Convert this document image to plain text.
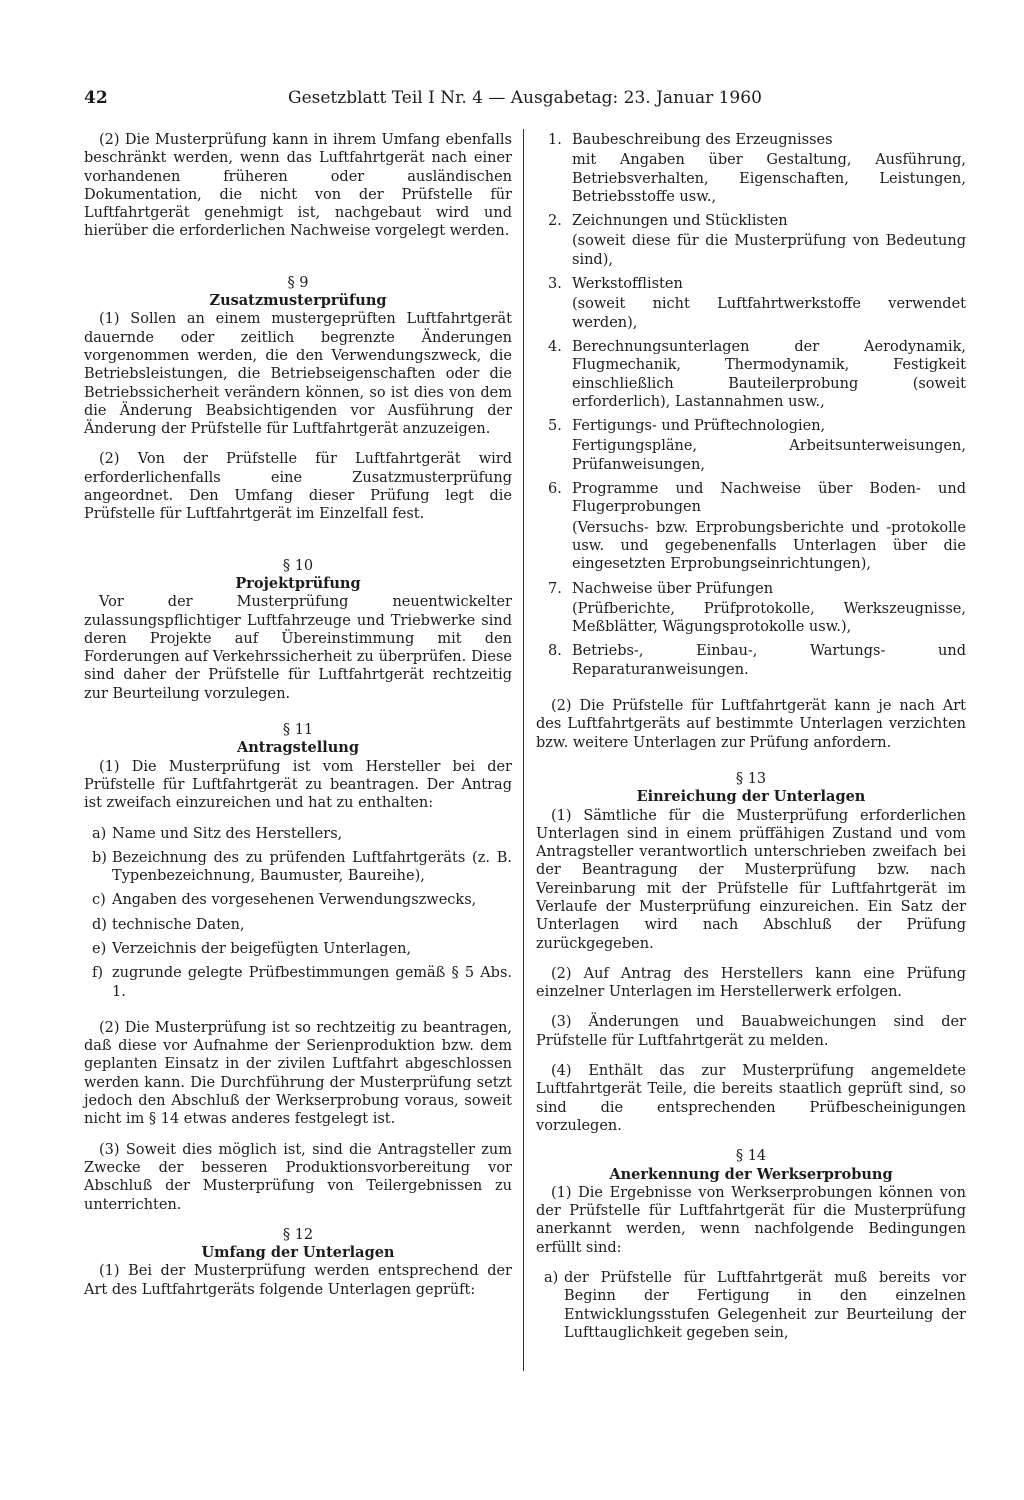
42	Gesetzblatt Teil I Nr. 4 — Ausgabetag: 23. Januar 1960

(2) Die Musterprüfung kann in ihrem Umfang ebenfalls beschränkt werden, wenn das Luftfahrtgerät nach einer vorhandenen früheren oder ausländischen Dokumentation, die nicht von der Prüfstelle für Luftfahrtgerät genehmigt ist, nachgebaut wird und hierüber die erforderlichen Nachweise vorgelegt werden.

§ 9

Zusatzmusterprüfung

(1) Sollen an einem mustergeprüften Luftfahrtgerät dauernde oder zeitlich begrenzte Änderungen vorgenommen werden, die den Verwendungszweck, die Betriebsleistungen, die Betriebseigenschaften oder die Betriebssicherheit verändern können, so ist dies von dem die Änderung Beabsichtigenden vor Ausführung der Änderung der Prüfstelle für Luftfahrtgerät anzuzeigen.

(2) Von der Prüfstelle für Luftfahrtgerät wird erforderlichenfalls eine Zusatzmusterprüfung angeordnet. Den Umfang dieser Prüfung legt die Prüfstelle für Luftfahrtgerät im Einzelfall fest.

§ 10

Projektprüfung

Vor der Musterprüfung neuentwickelter zulassungspflichtiger Luftfahrzeuge und Triebwerke sind deren Projekte auf Übereinstimmung mit den Forderungen auf Verkehrssicherheit zu überprüfen. Diese sind daher der Prüfstelle für Luftfahrtgerät rechtzeitig zur Beurteilung vorzulegen.

§ 11

Antragstellung

(1) Die Musterprüfung ist vom Hersteller bei der Prüfstelle für Luftfahrtgerät zu beantragen. Der Antrag ist zweifach einzureichen und hat zu enthalten:

a) Name und Sitz des Herstellers,
b) Bezeichnung des zu prüfenden Luftfahrtgeräts (z. B. Typenbezeichnung, Baumuster, Baureihe),
c) Angaben des vorgesehenen Verwendungszwecks,
d) technische Daten,
e) Verzeichnis der beigefügten Unterlagen,
f) zugrunde gelegte Prüfbestimmungen gemäß § 5 Abs. 1.

(2) Die Musterprüfung ist so rechtzeitig zu beantragen, daß diese vor Aufnahme der Serienproduktion bzw. dem geplanten Einsatz in der zivilen Luftfahrt abgeschlossen werden kann. Die Durchführung der Musterprüfung setzt jedoch den Abschluß der Werkserprobung voraus, soweit nicht im § 14 etwas anderes festgelegt ist.

(3) Soweit dies möglich ist, sind die Antragsteller zum Zwecke der besseren Produktionsvorbereitung vor Abschluß der Musterprüfung von Teilergebnissen zu unterrichten.

§ 12

Umfang der Unterlagen

(1) Bei der Musterprüfung werden entsprechend der Art des Luftfahrtgeräts folgende Unterlagen geprüft:

1. Baubeschreibung des Erzeugnisses
mit Angaben über Gestaltung, Ausführung, Betriebsverhalten, Eigenschaften, Leistungen, Betriebsstoffe usw.,
2. Zeichnungen und Stücklisten
(soweit diese für die Musterprüfung von Bedeutung sind),
3. Werkstofflisten
(soweit nicht Luftfahrtwerkstoffe verwendet werden),
4. Berechnungsunterlagen der Aerodynamik, Flugmechanik, Thermodynamik, Festigkeit einschließlich Bauteilerprobung (soweit erforderlich), Lastannahmen usw.,
5. Fertigungs- und Prüftechnologien,
Fertigungspläne, Arbeitsunterweisungen, Prüfanweisungen,
6. Programme und Nachweise über Boden- und Flugerprobungen
(Versuchs- bzw. Erprobungsberichte und -protokolle usw. und gegebenenfalls Unterlagen über die eingesetzten Erprobungseinrichtungen),
7. Nachweise über Prüfungen
(Prüfberichte, Prüfprotokolle, Werkszeugnisse, Meßblätter, Wägungsprotokolle usw.),
8. Betriebs-, Einbau-, Wartungs- und Reparaturanweisungen.

(2) Die Prüfstelle für Luftfahrtgerät kann je nach Art des Luftfahrtgeräts auf bestimmte Unterlagen verzichten bzw. weitere Unterlagen zur Prüfung anfordern.

§ 13

Einreichung der Unterlagen

(1) Sämtliche für die Musterprüfung erforderlichen Unterlagen sind in einem prüffähigen Zustand und vom Antragsteller verantwortlich unterschrieben zweifach bei der Beantragung der Musterprüfung bzw. nach Vereinbarung mit der Prüfstelle für Luftfahrtgerät im Verlaufe der Musterprüfung einzureichen. Ein Satz der Unterlagen wird nach Abschluß der Prüfung zurückgegeben.

(2) Auf Antrag des Herstellers kann eine Prüfung einzelner Unterlagen im Herstellerwerk erfolgen.

(3) Änderungen und Bauabweichungen sind der Prüfstelle für Luftfahrtgerät zu melden.

(4) Enthält das zur Musterprüfung angemeldete Luftfahrtgerät Teile, die bereits staatlich geprüft sind, so sind die entsprechenden Prüfbescheinigungen vorzulegen.

§ 14

Anerkennung der Werkserprobung

(1) Die Ergebnisse von Werkserprobungen können von der Prüfstelle für Luftfahrtgerät für die Musterprüfung anerkannt werden, wenn nachfolgende Bedingungen erfüllt sind:

a) der Prüfstelle für Luftfahrtgerät muß bereits vor Beginn der Fertigung in den einzelnen Entwicklungsstufen Gelegenheit zur Beurteilung der Lufttauglichkeit gegeben sein,
